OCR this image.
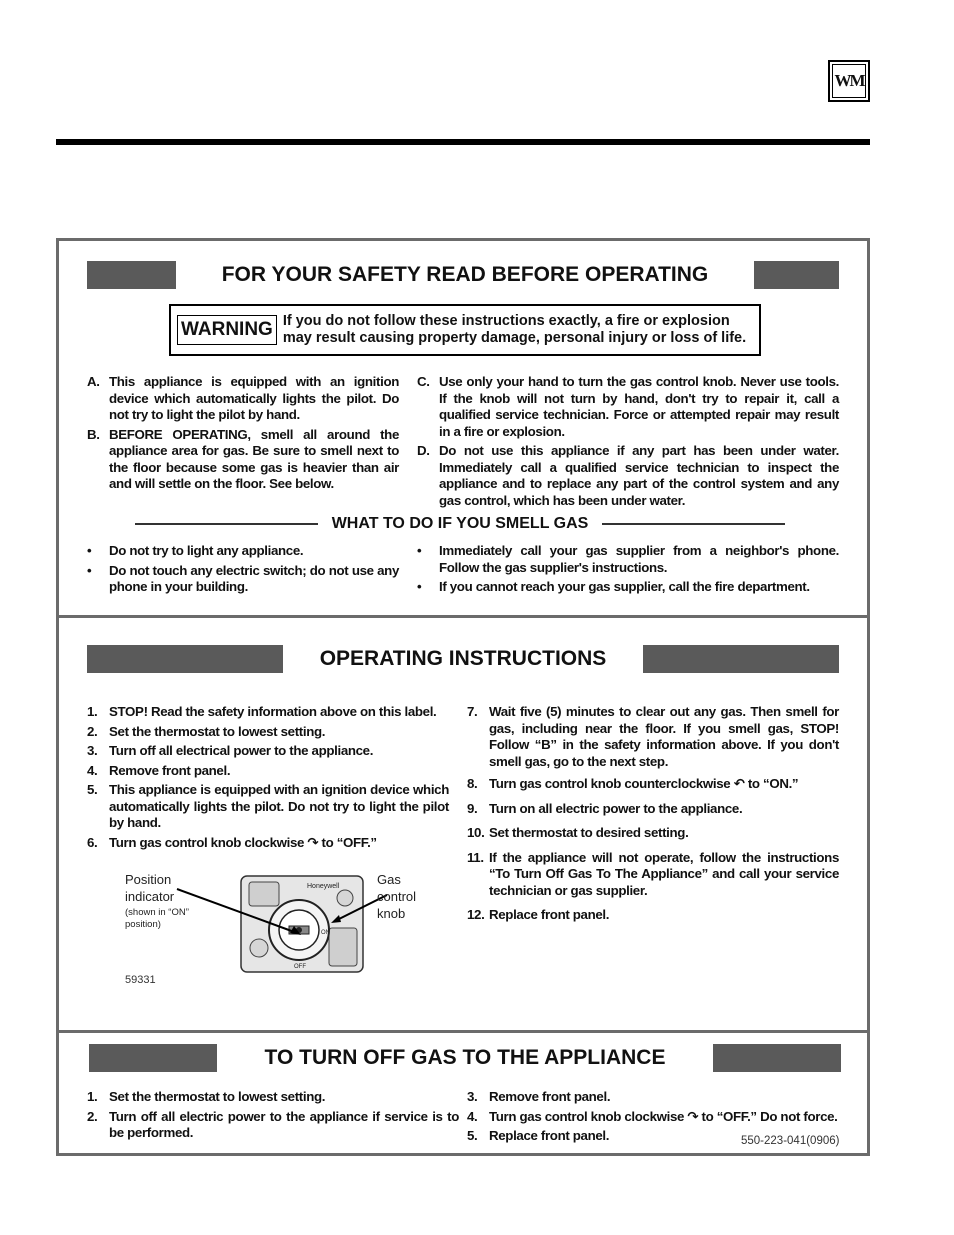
WM
FOR YOUR SAFETY READ BEFORE OPERATING
WARNING If you do not follow these instructions exactly, a fire or explosion may result causing property damage, personal injury or loss of life.
A. This appliance is equipped with an ignition device which automatically lights the pilot. Do not try to light the pilot by hand.
B. BEFORE OPERATING, smell all around the appliance area for gas. Be sure to smell next to the floor because some gas is heavier than air and will settle on the floor. See below.
C. Use only your hand to turn the gas control knob. Never use tools. If the knob will not turn by hand, don't try to repair it, call a qualified service technician. Force or attempted repair may result in a fire or explosion.
D. Do not use this appliance if any part has been under water. Immediately call a qualified service technician to inspect the appliance and to replace any part of the control system and any gas control, which has been under water.
WHAT TO DO IF YOU SMELL GAS
•	Do not try to light any appliance.
•	Do not touch any electric switch; do not use any phone in your building.
•	Immediately call your gas supplier from a neighbor's phone. Follow the gas supplier's instructions.
•	If you cannot reach your gas supplier, call the fire department.
OPERATING INSTRUCTIONS
1. STOP! Read the safety information above on this label.
2. Set the thermostat to lowest setting.
3. Turn off all electrical power to the appliance.
4. Remove front panel.
5. This appliance is equipped with an ignition device which automatically lights the pilot. Do not try to light the pilot by hand.
6. Turn gas control knob clockwise ↷ to “OFF.”
7. Wait five (5) minutes to clear out any gas. Then smell for gas, including near the floor. If you smell gas, STOP! Follow “B” in the safety information above. If you don't smell gas, go to the next step.
8. Turn gas control knob counterclockwise ↶ to “ON.”
9. Turn on all electric power to the appliance.
10. Set thermostat to desired setting.
11. If the appliance will not operate, follow the instructions “To Turn Off Gas To The Appliance” and call your service technician or gas supplier.
12. Replace front panel.
Position indicator
(shown in “ON” position)
59331
Honeywell
ON
OFF
Gas control knob
TO TURN OFF GAS TO THE APPLIANCE
1. Set the thermostat to lowest setting.
2. Turn off all electric power to the appliance if service is to be performed.
3. Remove front panel.
4. Turn gas control knob clockwise ↷ to “OFF.” Do not force.
5. Replace front panel.	550-223-041(0906)
